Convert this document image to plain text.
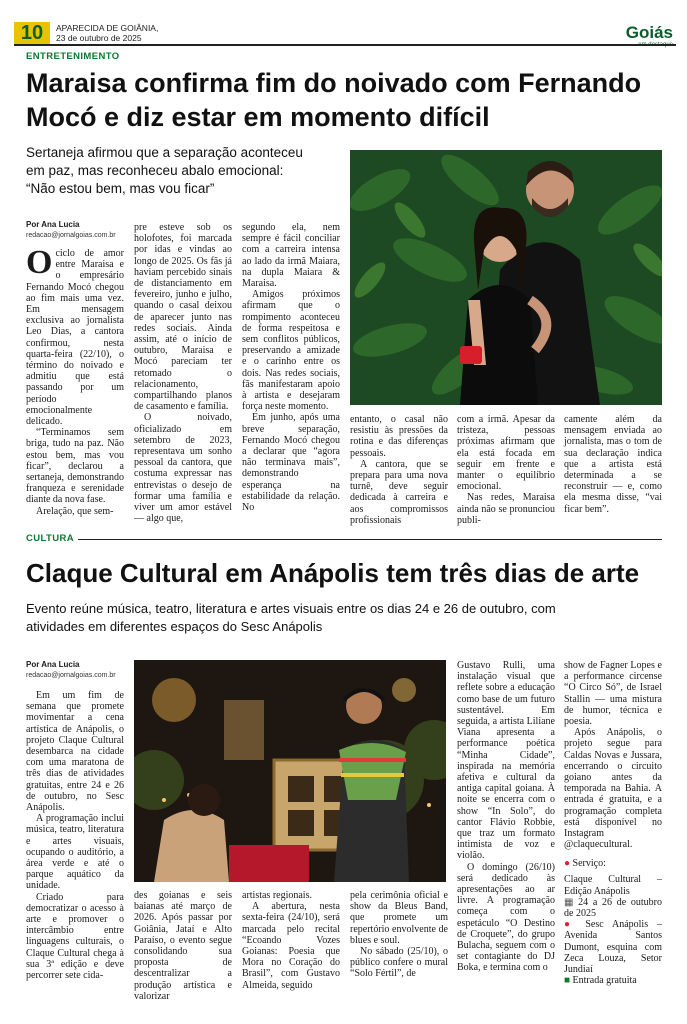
10	APARECIDA DE GOIÂNIA,
23 de outubro de 2025	Goiás
ENTRETENIMENTO
Maraisa confirma fim do noivado com Fernando
Mocó e diz estar em momento difícil
Sertaneja afirmou que a separação aconteceu
em paz, mas reconheceu abalo emocional:
“Não estou bem, mas vou ficar”
Por Ana Lucia
redacao@jornalgoias.com.br
O ciclo de amor entre Maraisa e o empresário Fernando Mocó chegou ao fim mais uma vez. Em mensagem exclusiva ao jornalista Leo Dias, a cantora confirmou, nesta quarta-feira (22/10), o término do noivado e admitiu que está passando por um período emocionalmente delicado.

“Terminamos sem briga, tudo na paz. Não estou bem, mas vou ficar”, declarou a sertaneja, demonstrando franqueza e serenidade diante da nova fase.

Arelação, que sem-

pre esteve sob os holofotes, foi marcada por idas e vindas ao longo de 2025. Os fãs já haviam percebido sinais de distanciamento em fevereiro, junho e julho, quando o casal deixou de aparecer junto nas redes sociais. Ainda assim, até o início de outubro, Maraisa e Mocó pareciam ter retomado o relacionamento, compartilhando planos de casamento e família.

O noivado, oficializado em setembro de 2023, representava um sonho pessoal da cantora, que costuma expressar nas entrevistas o desejo de formar uma família e viver um amor estável — algo que,

segundo ela, nem sempre é fácil conciliar com a carreira intensa ao lado da irmã Maiara, na dupla Maiara & Maraisa.

Amigos próximos afirmam que o rompimento aconteceu de forma respeitosa e sem conflitos públicos, preservando a amizade e o carinho entre os dois. Nas redes sociais, fãs manifestaram apoio à artista e desejaram força neste momento.

Em junho, após uma breve separação, Fernando Mocó chegou a declarar que “agora não terminava mais”, demonstrando esperança na estabilidade da relação. No

entanto, o casal não resistiu às pressões da rotina e das diferenças pessoais.

A cantora, que se prepara para uma nova turnê, deve seguir dedicada à carreira e aos compromissos profissionais

com a irmã. Apesar da tristeza, pessoas próximas afirmam que ela está focada em seguir em frente e manter o equilíbrio emocional.

Nas redes, Maraisa ainda não se pronunciou publi-

camente além da mensagem enviada ao jornalista, mas o tom de sua declaração indica que a artista está determinada a se reconstruir — e, como ela mesma disse, “vai ficar bem”.

CULTURA
Claque Cultural em Anápolis tem três dias de arte
Evento reúne música, teatro, literatura e artes visuais entre os dias 24 e 26 de outubro, com
atividades em diferentes espaços do Sesc Anápolis
Por Ana Lucia
redacao@jornalgoias.com.br

Em um fim de semana que promete movimentar a cena artística de Anápolis, o projeto Claque Cultural desembarca na cidade com uma maratona de três dias de atividades gratuitas, entre 24 e 26 de outubro, no Sesc Anápolis.

A programação inclui música, teatro, literatura e artes visuais, ocupando o auditório, a área verde e até o parque aquático da unidade.

Criado para democratizar o acesso à arte e promover o intercâmbio entre linguagens culturais, o Claque Cultural chega à sua 3ª edição e deve percorrer sete cida-

des goianas e seis baianas até março de 2026. Após passar por Goiânia, Jataí e Alto Paraíso, o evento segue consolidando sua proposta de descentralizar a produção artística e valorizar

artistas regionais.

A abertura, nesta sexta-feira (24/10), será marcada pelo recital “Ecoando Vozes Goianas: Poesia que Mora no Coração do Brasil”, com Gustavo Almeida, seguido

pela cerimônia oficial e show da Bleus Band, que promete um repertório envolvente de blues e soul.

No sábado (25/10), o público confere o mural “Solo Fértil”, de

Gustavo Rulli, uma instalação visual que reflete sobre a educação como base de um futuro sustentável. Em seguida, a artista Liliane Viana apresenta a performance poética “Minha Cidade”, inspirada na memória afetiva e cultural da antiga capital goiana. À noite se encerra com o show “In Solo”, do cantor Flávio Robbie, que traz um formato intimista de voz e violão.

O domingo (26/10) será dedicado às apresentações ao ar livre. A programação começa com o espetáculo “O Destino de Croquete”, do grupo Bulacha, seguem com o set contagiante do DJ Boka, e termina com o

show de Fagner Lopes e a performance circense “O Circo Só”, de Israel Stallin — uma mistura de humor, técnica e poesia.

Após Anápolis, o projeto segue para Caldas Novas e Jussara, encerrando o circuito goiano antes da temporada na Bahia. A entrada é gratuita, e a programação completa está disponível no Instagram @claquecultural.

● Serviço:
Claque Cultural – Edição Anápolis
▦ 24 a 26 de outubro de 2025
● Sesc Anápolis – Avenida Santos Dumont, esquina com Zeca Louza, Setor Jundiaí
■ Entrada gratuita
